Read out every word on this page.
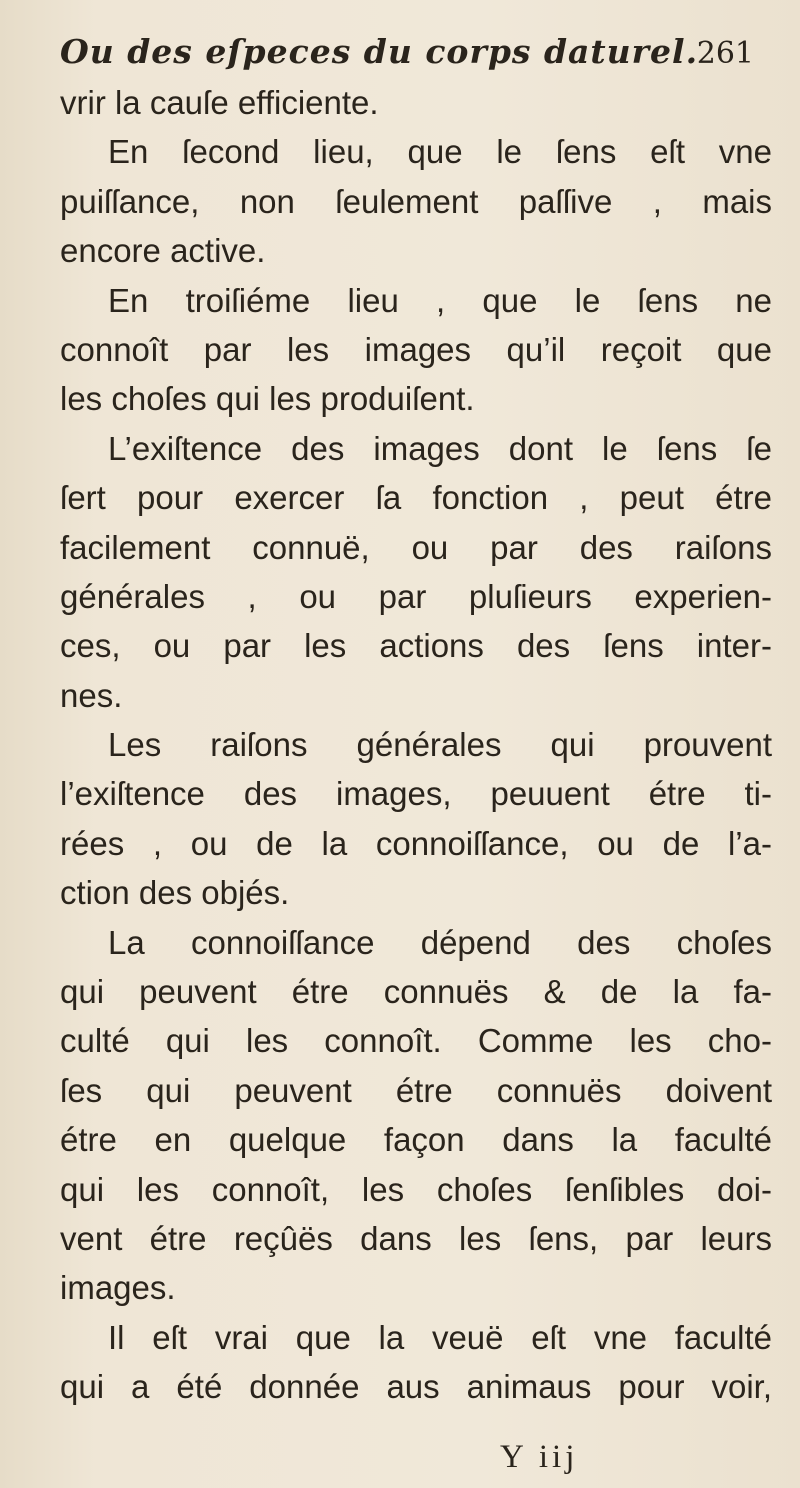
Ou des eſpeces du corps daturel.
261
vrir la cauſe efficiente.
En ſecond lieu, que le ſens eſt vne
puiſſance, non ſeulement paſſive , mais
encore active.
En troiſiéme lieu , que le ſens ne
connoît par les images qu’il reçoit que
les choſes qui les produiſent.
L’exiſtence des images dont le ſens ſe
ſert pour exercer ſa fonction , peut étre
facilement connuë, ou par des raiſons
générales , ou par pluſieurs experien-
ces, ou par les actions des ſens inter-
nes.
Les raiſons générales qui prouvent
l’exiſtence des images, peuuent étre ti-
rées , ou de la connoiſſance, ou de l’a-
ction des objés.
La connoiſſance dépend des choſes
qui peuvent étre connuës & de la fa-
culté qui les connoît. Comme les cho-
ſes qui peuvent étre connuës doivent
étre en quelque façon dans la faculté
qui les connoît, les choſes ſenſibles doi-
vent étre reçûës dans les ſens, par leurs
images.
Il eſt vrai que la veuë eſt vne faculté
qui a été donnée aus animaus pour voir,
Y iij
